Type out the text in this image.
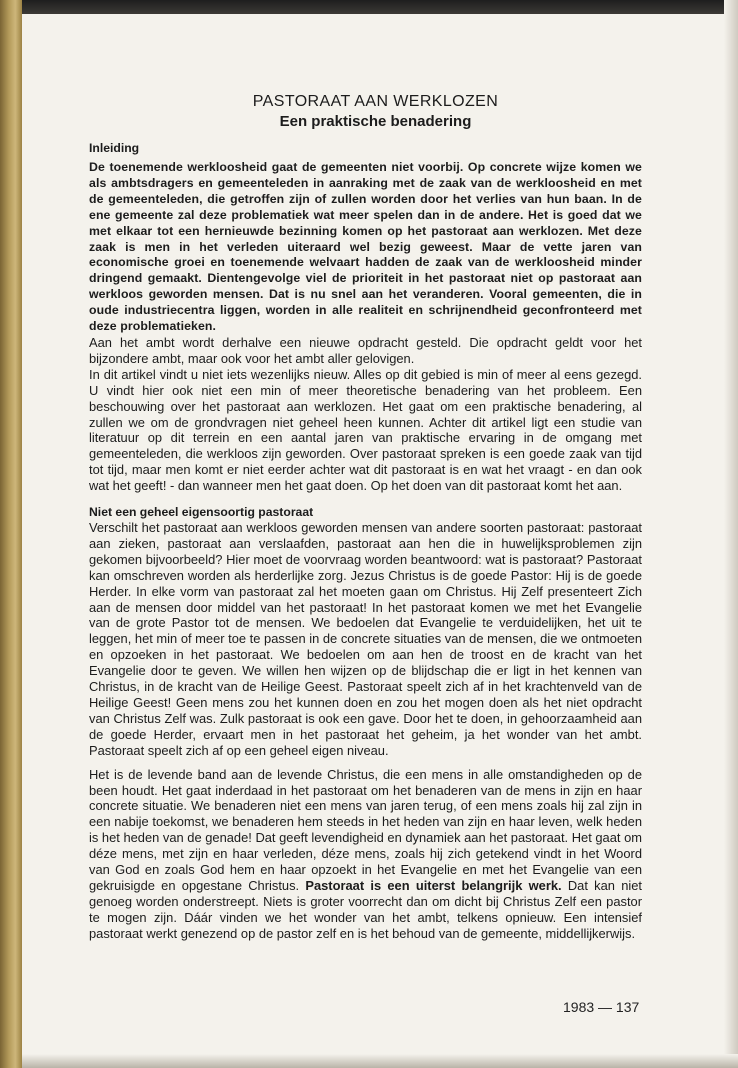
PASTORAAT AAN WERKLOZEN
Een praktische benadering
Inleiding

De toenemende werkloosheid gaat de gemeenten niet voorbij. Op concrete wijze komen we als ambtsdragers en gemeenteleden in aanraking met de zaak van de werkloosheid en met de gemeenteleden, die getroffen zijn of zullen worden door het verlies van hun baan. In de ene gemeente zal deze problematiek wat meer spelen dan in de andere. Het is goed dat we met elkaar tot een hernieuwde bezinning komen op het pastoraat aan werklozen. Met deze zaak is men in het verleden uiteraard wel bezig geweest. Maar de vette jaren van economische groei en toenemende welvaart hadden de zaak van de werkloosheid minder dringend gemaakt. Dientengevolge viel de prioriteit in het pastoraat niet op pastoraat aan werkloos geworden mensen. Dat is nu snel aan het veranderen. Vooral gemeenten, die in oude industriecentra liggen, worden in alle realiteit en schrijnendheid geconfronteerd met deze problematieken.

Aan het ambt wordt derhalve een nieuwe opdracht gesteld. Die opdracht geldt voor het bijzondere ambt, maar ook voor het ambt aller gelovigen.

In dit artikel vindt u niet iets wezenlijks nieuw. Alles op dit gebied is min of meer al eens gezegd. U vindt hier ook niet een min of meer theoretische benadering van het probleem. Een beschouwing over het pastoraat aan werklozen. Het gaat om een praktische benadering, al zullen we om de grondvragen niet geheel heen kunnen. Achter dit artikel ligt een studie van literatuur op dit terrein en een aantal jaren van praktische ervaring in de omgang met gemeenteleden, die werkloos zijn geworden. Over pastoraat spreken is een goede zaak van tijd tot tijd, maar men komt er niet eerder achter wat dit pastoraat is en wat het vraagt - en dan ook wat het geeft! - dan wanneer men het gaat doen. Op het doen van dit pastoraat komt het aan.

Niet een geheel eigensoortig pastoraat

Verschilt het pastoraat aan werkloos geworden mensen van andere soorten pastoraat: pastoraat aan zieken, pastoraat aan verslaafden, pastoraat aan hen die in huwelijksproblemen zijn gekomen bijvoorbeeld? Hier moet de voorvraag worden beantwoord: wat is pastoraat? Pastoraat kan omschreven worden als herderlijke zorg. Jezus Christus is de goede Pastor: Hij is de goede Herder. In elke vorm van pastoraat zal het moeten gaan om Christus. Hij Zelf presenteert Zich aan de mensen door middel van het pastoraat! In het pastoraat komen we met het Evangelie van de grote Pastor tot de mensen. We bedoelen dat Evangelie te verduidelijken, het uit te leggen, het min of meer toe te passen in de concrete situaties van de mensen, die we ontmoeten en opzoeken in het pastoraat. We bedoelen om aan hen de troost en de kracht van het Evangelie door te geven. We willen hen wijzen op de blijdschap die er ligt in het kennen van Christus, in de kracht van de Heilige Geest. Pastoraat speelt zich af in het krachtenveld van de Heilige Geest! Geen mens zou het kunnen doen en zou het mogen doen als het niet opdracht van Christus Zelf was. Zulk pastoraat is ook een gave. Door het te doen, in gehoorzaamheid aan de goede Herder, ervaart men in het pastoraat het geheim, ja het wonder van het ambt. Pastoraat speelt zich af op een geheel eigen niveau.

Het is de levende band aan de levende Christus, die een mens in alle omstandigheden op de been houdt. Het gaat inderdaad in het pastoraat om het benaderen van de mens in zijn en haar concrete situatie. We benaderen niet een mens van jaren terug, of een mens zoals hij zal zijn in een nabije toekomst, we benaderen hem steeds in het heden van zijn en haar leven, welk heden is het heden van de genade! Dat geeft levendigheid en dynamiek aan het pastoraat. Het gaat om déze mens, met zijn en haar verleden, déze mens, zoals hij zich getekend vindt in het Woord van God en zoals God hem en haar opzoekt in het Evangelie en met het Evangelie van een gekruisigde en opgestane Christus. Pastoraat is een uiterst belangrijk werk. Dat kan niet genoeg worden onderstreept. Niets is groter voorrecht dan om dicht bij Christus Zelf een pastor te mogen zijn. Dáár vinden we het wonder van het ambt, telkens opnieuw. Een intensief pastoraat werkt genezend op de pastor zelf en is het behoud van de gemeente, middellijkerwijs.

1983 — 137
